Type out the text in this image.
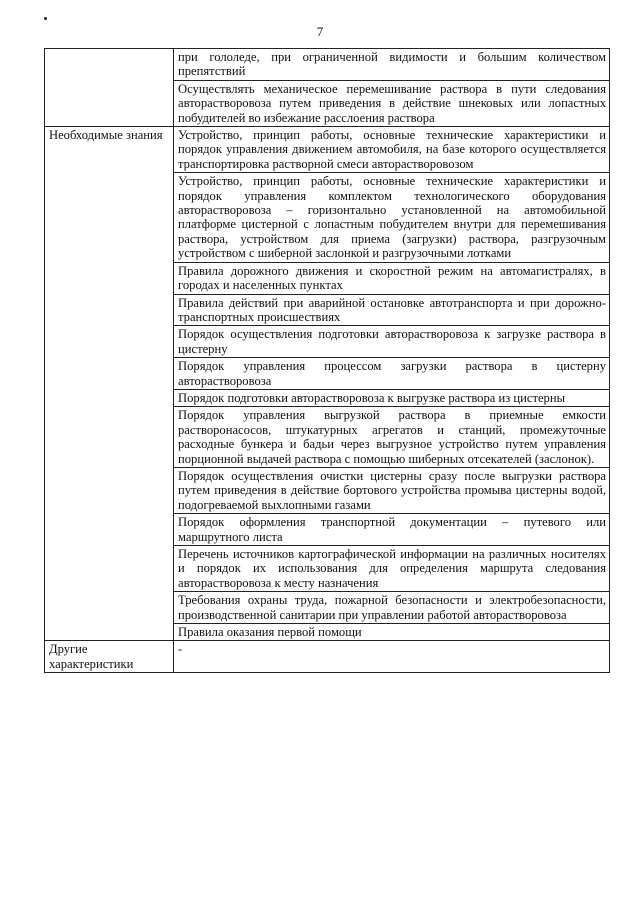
7
	при гололеде, при ограниченной видимости и большим количеством препятствий
	Осуществлять механическое перемешивание раствора в пути следования авторастворовоза путем приведения в действие шнековых или лопастных побудителей во избежание расслоения раствора
Необходимые знания	Устройство, принцип работы, основные технические характеристики и порядок управления движением автомобиля, на базе которого осуществляется транспортировка растворной смеси авторастворовозом
	Устройство, принцип работы, основные технические характеристики и порядок управления комплектом технологического оборудования авторастворовоза – горизонтально установленной на автомобильной платформе цистерной с лопастным побудителем внутри для перемешивания раствора, устройством для приема (загрузки) раствора, разгрузочным устройством с шиберной заслонкой и разгрузочными лотками
	Правила дорожного движения и скоростной режим на автомагистралях, в городах и населенных пунктах
	Правила действий при аварийной остановке автотранспорта и при дорожно-транспортных происшествиях
	Порядок осуществления подготовки авторастворовоза к загрузке раствора в цистерну
	Порядок управления процессом загрузки раствора в цистерну авторастворовоза
	Порядок подготовки авторастворовоза к выгрузке раствора из цистерны
	Порядок управления выгрузкой раствора в приемные емкости растворонасосов, штукатурных агрегатов и станций, промежуточные расходные бункера и бадьи через выгрузное устройство путем управления порционной выдачей раствора с помощью шиберных отсекателей (заслонок).
	Порядок осуществления очистки цистерны сразу после выгрузки раствора путем приведения в действие бортового устройства промыва цистерны водой, подогреваемой выхлопными газами
	Порядок оформления транспортной документации – путевого или маршрутного листа
	Перечень источников картографической информации на различных носителях и порядок их использования для определения маршрута следования авторастворовоза к месту назначения
	Требования охраны труда, пожарной безопасности и электробезопасности, производственной санитарии при управлении работой авторастворовоза
	Правила оказания первой помощи
Другие характеристики	-
